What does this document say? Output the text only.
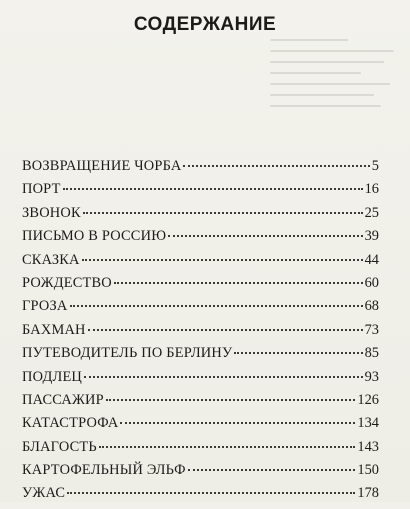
СОДЕРЖАНИЕ
ВОЗВРАЩЕНИЕ ЧОРБА	5
ПОРТ	16
ЗВОНОК	25
ПИСЬМО В РОССИЮ	39
СКАЗКА	44
РОЖДЕСТВО	60
ГРОЗА	68
БАХМАН	73
ПУТЕВОДИТЕЛЬ ПО БЕРЛИНУ	85
ПОДЛЕЦ	93
ПАССАЖИР	126
КАТАСТРОФА	134
БЛАГОСТЬ	143
КАРТОФЕЛЬНЫЙ ЭЛЬФ	150
УЖАС	178
